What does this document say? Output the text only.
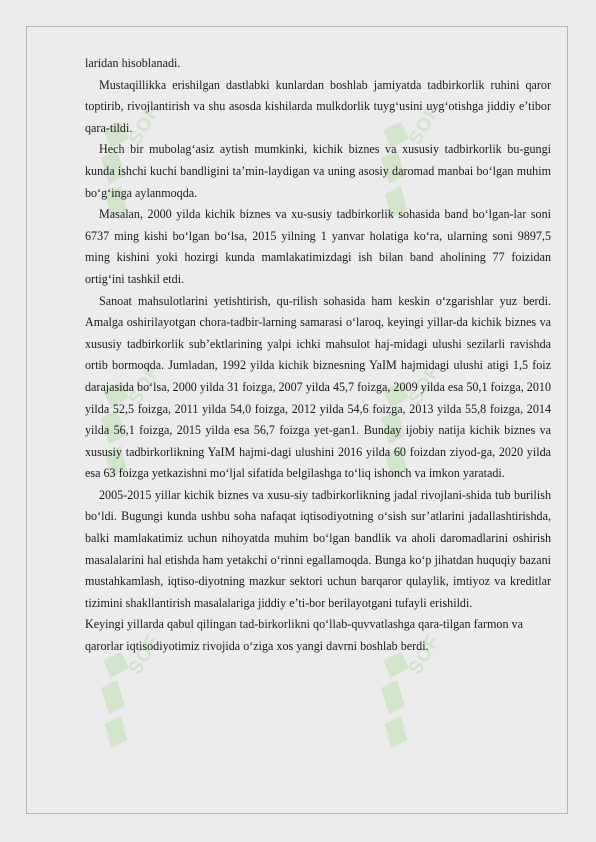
SOF	SOF
SOF	SOF
SOF	SOF

laridan hisoblanadi.

Mustaqillikka erishilgan dastlabki kunlardan boshlab jamiyatda tadbirkorlik ruhini qaror toptirib, rivojlantirish va shu asosda kishilarda mulkdorlik tuyg‘usini uyg‘otishga jiddiy e’tibor qara-tildi.

Hech bir mubolag‘asiz aytish mumkinki, kichik biznes va xususiy tadbirkorlik bu-gungi kunda ishchi kuchi bandligini ta’min-laydigan va uning asosiy daromad manbai bo‘lgan muhim bo‘g‘inga aylanmoqda.

Masalan, 2000 yilda kichik biznes va xu-susiy tadbirkorlik sohasida band bo‘lgan-lar soni 6737 ming kishi bo‘lgan bo‘lsa, 2015 yilning 1 yanvar holatiga ko‘ra, ularning soni 9897,5 ming kishini yoki hozirgi kunda mamlakatimizdagi ish bilan band aholining 77 foizidan ortig‘ini tashkil etdi.

Sanoat mahsulotlarini yetishtirish, qu-rilish sohasida ham keskin o‘zgarishlar yuz berdi. Amalga oshirilayotgan chora-tadbir-larning samarasi o‘laroq, keyingi yillar-da kichik biznes va xususiy tadbirkorlik sub’ektlarining yalpi ichki mahsulot haj-midagi ulushi sezilarli ravishda ortib bormoqda. Jumladan, 1992 yilda kichik biznesning YaIM hajmidagi ulushi atigi 1,5 foiz darajasida bo‘lsa, 2000 yilda 31 foizga, 2007 yilda 45,7 foizga, 2009 yilda esa 50,1 foizga, 2010 yilda 52,5 foizga, 2011 yilda 54,0 foizga, 2012 yilda 54,6 foizga, 2013 yilda 55,8 foizga, 2014 yilda 56,1 foizga, 2015 yilda esa 56,7 foizga yet-gan1. Bunday ijobiy natija kichik biznes va xususiy tadbirkorlikning YaIM hajmi-dagi ulushini 2016 yilda 60 foizdan ziyod-ga, 2020 yilda esa 63 foizga yetkazishni mo‘ljal sifatida belgilashga to‘liq ishonch va imkon yaratadi.

2005-2015 yillar kichik biznes va xusu-siy tadbirkorlikning jadal rivojlani-shida tub burilish bo‘ldi. Bugungi kunda ushbu soha nafaqat iqtisodiyotning o‘sish sur’atlarini jadallashtirishda, balki mamlakatimiz uchun nihoyatda muhim bo‘lgan bandlik va aholi daromadlarini oshirish masalalarini hal etishda ham yetakchi o‘rinni egallamoqda. Bunga ko‘p jihatdan huquqiy bazani mustahkamlash, iqtiso-diyotning mazkur sektori uchun barqaror qulaylik, imtiyoz va kreditlar tizimini shakllantirish masalalariga jiddiy e’ti-bor berilayotgani tufayli erishildi.

Keyingi yillarda qabul qilingan tad-birkorlikni qo‘llab-quvvatlashga qara-tilgan farmon va qarorlar iqtisodiyotimiz rivojida o‘ziga xos yangi davrni boshlab berdi.
